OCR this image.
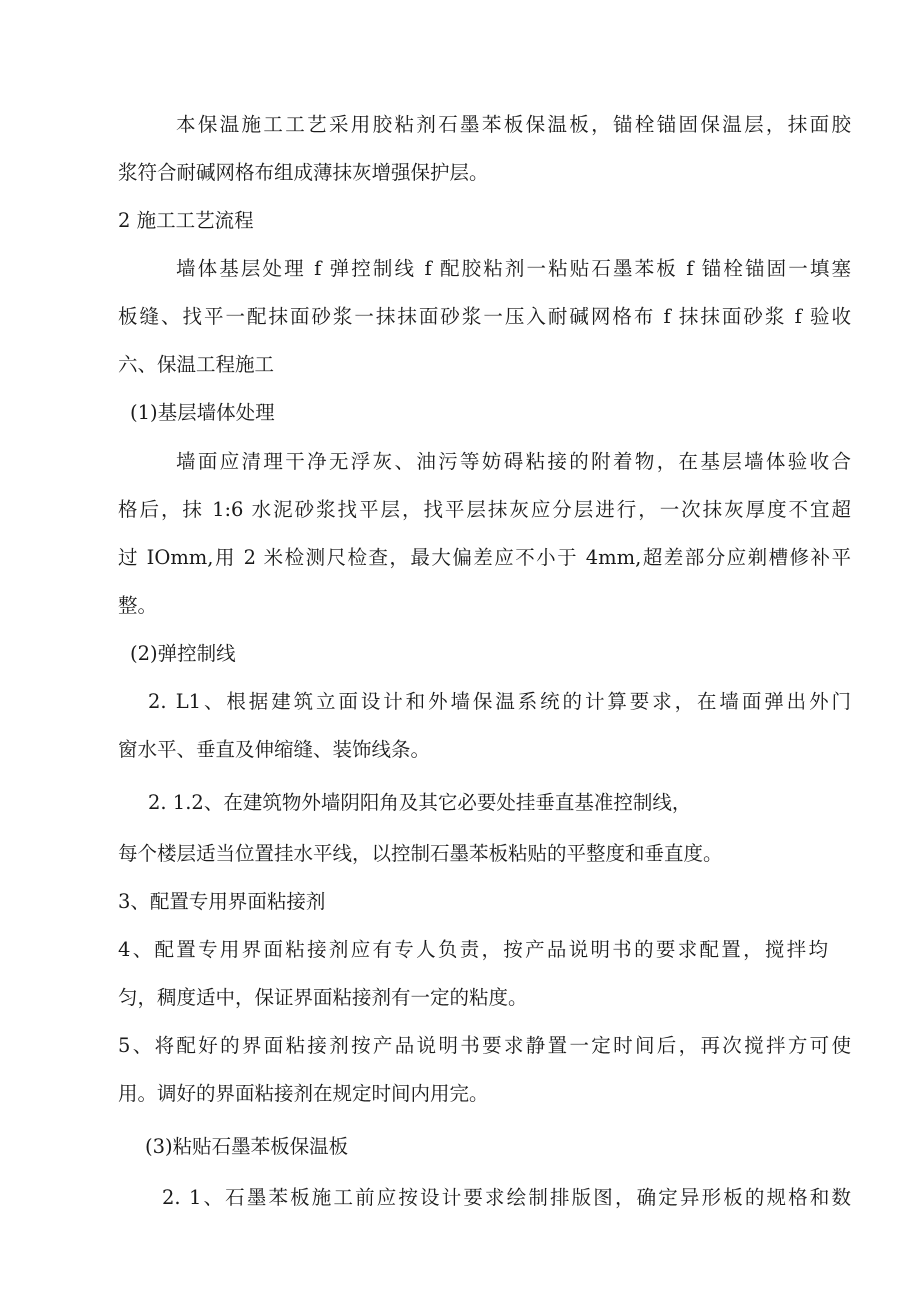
本保温施工工艺采用胶粘剂石墨苯板保温板，锚栓锚固保温层，抹面胶
浆符合耐碱网格布组成薄抹灰增强保护层。
2 施工工艺流程
墙体基层处理 f 弹控制线 f 配胶粘剂一粘贴石墨苯板 f 锚栓锚固一填塞
板缝、找平一配抹面砂浆一抹抹面砂浆一压入耐碱网格布 f 抹抹面砂浆 f 验收
六、保温工程施工
(1)基层墙体处理
墙面应清理干净无浮灰、油污等妨碍粘接的附着物，在基层墙体验收合
格后，抹 1:6 水泥砂浆找平层，找平层抹灰应分层进行，一次抹灰厚度不宜超
过 IOmm,用 2 米检测尺检查，最大偏差应不小于 4mm,超差部分应剃槽修补平
整。
(2)弹控制线
2. L1、根据建筑立面设计和外墙保温系统的计算要求，在墙面弹出外门
窗水平、垂直及伸缩缝、装饰线条。
2. 1.2、在建筑物外墙阴阳角及其它必要处挂垂直基准控制线，
每个楼层适当位置挂水平线，以控制石墨苯板粘贴的平整度和垂直度。
3、配置专用界面粘接剂
4、配置专用界面粘接剂应有专人负责，按产品说明书的要求配置，搅拌均
匀，稠度适中，保证界面粘接剂有一定的粘度。
5、将配好的界面粘接剂按产品说明书要求静置一定时间后，再次搅拌方可使
用。调好的界面粘接剂在规定时间内用完。
(3)粘贴石墨苯板保温板
2. 1、石墨苯板施工前应按设计要求绘制排版图，确定异形板的规格和数
